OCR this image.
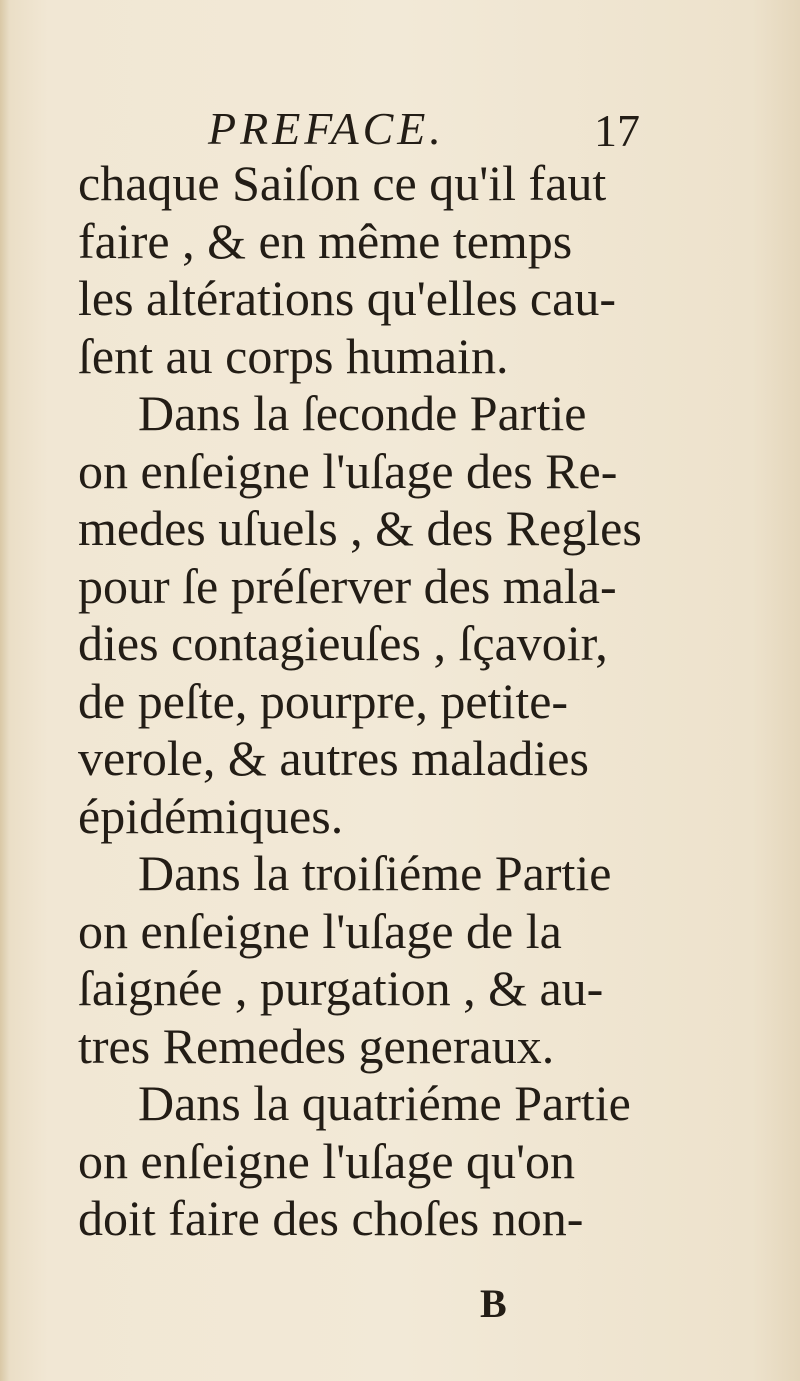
PREFACE.	17
chaque Saiſon ce qu'il faut
faire , & en même temps
les altérations qu'elles cau-
ſent au corps humain.
Dans la ſeconde Partie
on enſeigne l'uſage des Re-
medes uſuels , & des Regles
pour ſe préſerver des mala-
dies contagieuſes , ſçavoir,
de peſte, pourpre, petite-
verole, & autres maladies
épidémiques.
Dans la troiſiéme Partie
on enſeigne l'uſage de la
ſaignée , purgation , & au-
tres Remedes generaux.
Dans la quatriéme Partie
on enſeigne l'uſage qu'on
doit faire des choſes non-
B
